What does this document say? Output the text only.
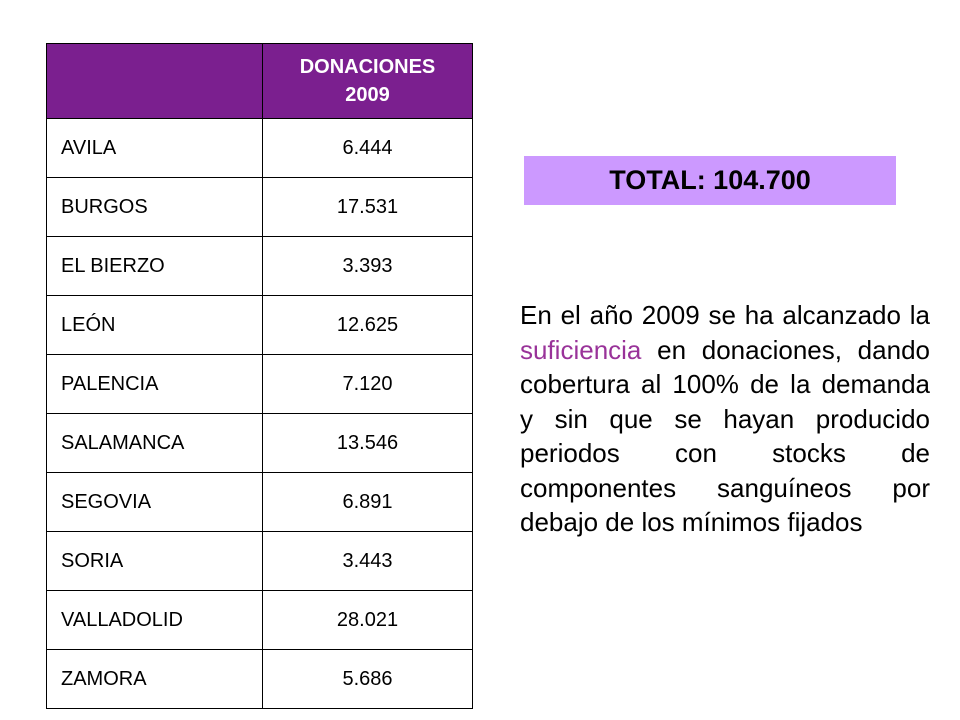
	DONACIONES
2009

AVILA	6.444
BURGOS	17.531
EL BIERZO	3.393
LEÓN	12.625
PALENCIA	7.120
SALAMANCA	13.546
SEGOVIA	6.891
SORIA	3.443
VALLADOLID	28.021
ZAMORA	5.686
TOTAL: 104.700

En el año 2009 se ha alcanzado la suficiencia en donaciones, dando cobertura al 100% de la demanda y sin que se hayan producido periodos con stocks de componentes sanguíneos por debajo de los mínimos fijados
